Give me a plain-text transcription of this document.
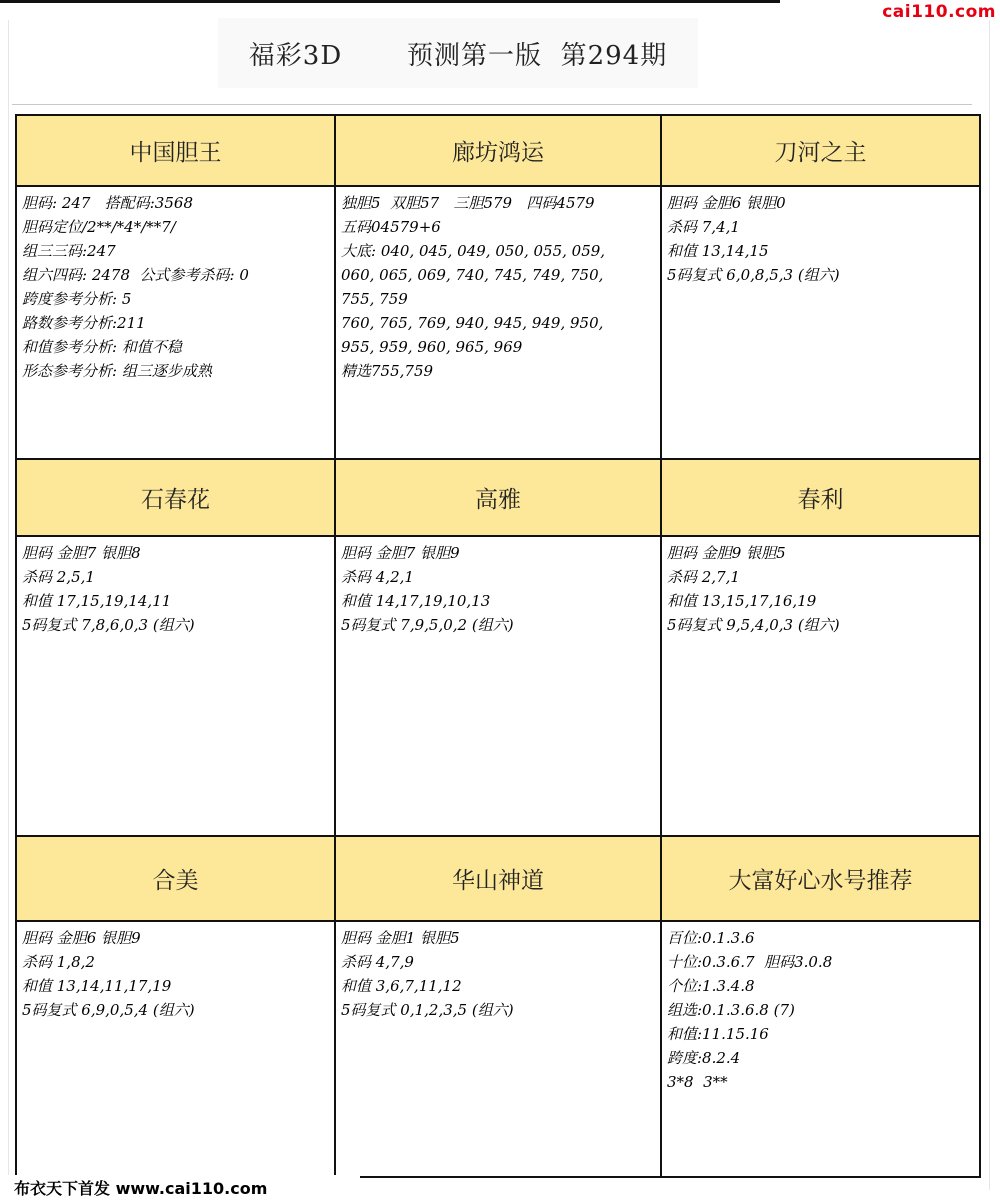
cai110.com
福彩3D       预测第一版  第294期
中国胆王
胆码: 247   搭配码:3568
胆码定位/2**/*4*/**7/
组三三码:247
组六四码: 2478  公式参考杀码: 0
跨度参考分析: 5
路数参考分析:211
和值参考分析: 和值不稳
形态参考分析: 组三逐步成熟
廊坊鸿运
独胆5  双胆57   三胆579   四码4579
五码04579+6
大底: 040, 045, 049, 050, 055, 059,
060, 065, 069, 740, 745, 749, 750,
755, 759
760, 765, 769, 940, 945, 949, 950,
955, 959, 960, 965, 969
精选755,759
刀河之主
胆码 金胆6 银胆0
杀码 7,4,1
和值 13,14,15
5码复式 6,0,8,5,3 (组六)
石春花
胆码 金胆7 银胆8
杀码 2,5,1
和值 17,15,19,14,11
5码复式 7,8,6,0,3 (组六)
高雅
胆码 金胆7 银胆9
杀码 4,2,1
和值 14,17,19,10,13
5码复式 7,9,5,0,2 (组六)
春利
胆码 金胆9 银胆5
杀码 2,7,1
和值 13,15,17,16,19
5码复式 9,5,4,0,3 (组六)
合美
胆码 金胆6 银胆9
杀码 1,8,2
和值 13,14,11,17,19
5码复式 6,9,0,5,4 (组六)
华山神道
胆码 金胆1 银胆5
杀码 4,7,9
和值 3,6,7,11,12
5码复式 0,1,2,3,5 (组六)
大富好心水号推荐
百位:0.1.3.6
十位:0.3.6.7  胆码3.0.8
个位:1.3.4.8
组选:0.1.3.6.8 (7)
和值:11.15.16
跨度:8.2.4
3*8  3**
布衣天下首发 www.cai110.com
